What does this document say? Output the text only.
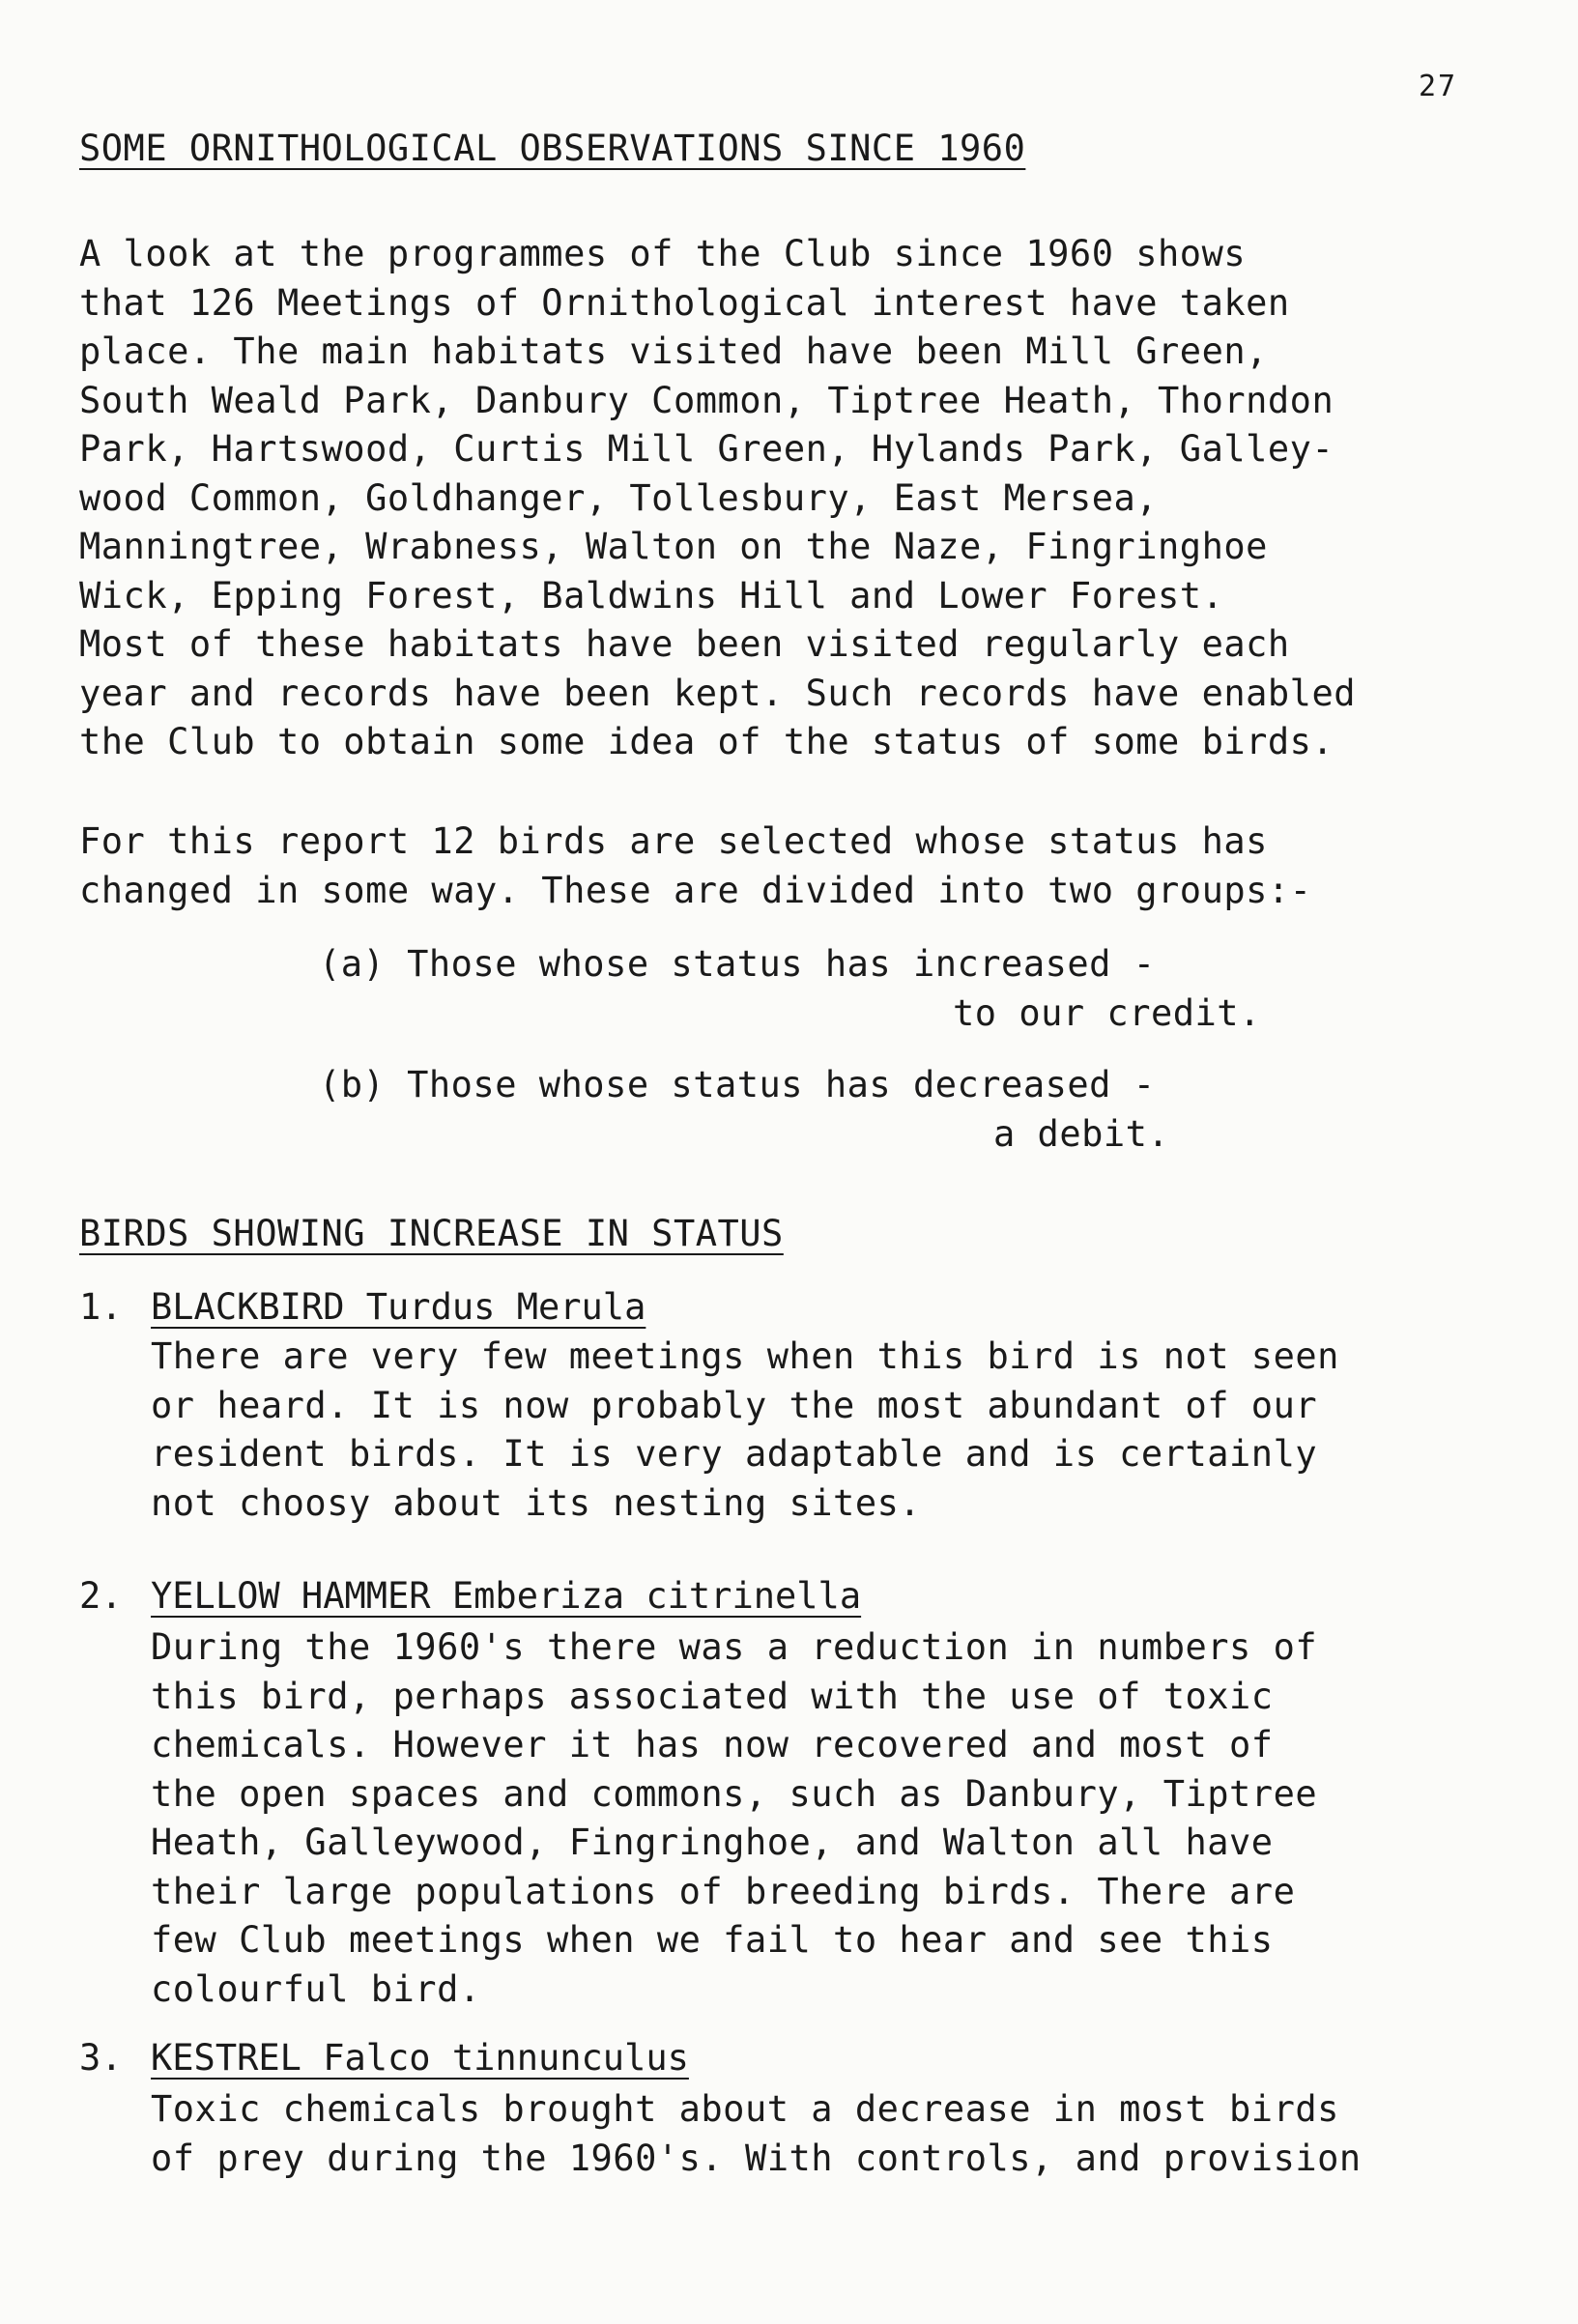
27
SOME ORNITHOLOGICAL OBSERVATIONS SINCE 1960
A look at the programmes of the Club since 1960 shows
that 126 Meetings of Ornithological interest have taken
place. The main habitats visited have been Mill Green,
South Weald Park, Danbury Common, Tiptree Heath, Thorndon
Park, Hartswood, Curtis Mill Green, Hylands Park, Galley-
wood Common, Goldhanger, Tollesbury, East Mersea,
Manningtree, Wrabness, Walton on the Naze, Fingringhoe
Wick, Epping Forest, Baldwins Hill and Lower Forest.
Most of these habitats have been visited regularly each
year and records have been kept. Such records have enabled
the Club to obtain some idea of the status of some birds.
For this report 12 birds are selected whose status has
changed in some way. These are divided into two groups:-
(a) Those whose status has increased -
to our credit.
(b) Those whose status has decreased -
a debit.
BIRDS SHOWING INCREASE IN STATUS
1. BLACKBIRD Turdus Merula
There are very few meetings when this bird is not seen
or heard. It is now probably the most abundant of our
resident birds. It is very adaptable and is certainly
not choosy about its nesting sites.
2. YELLOW HAMMER Emberiza citrinella
During the 1960's there was a reduction in numbers of
this bird, perhaps associated with the use of toxic
chemicals. However it has now recovered and most of
the open spaces and commons, such as Danbury, Tiptree
Heath, Galleywood, Fingringhoe, and Walton all have
their large populations of breeding birds. There are
few Club meetings when we fail to hear and see this
colourful bird.
3. KESTREL Falco tinnunculus
Toxic chemicals brought about a decrease in most birds
of prey during the 1960's. With controls, and provision
